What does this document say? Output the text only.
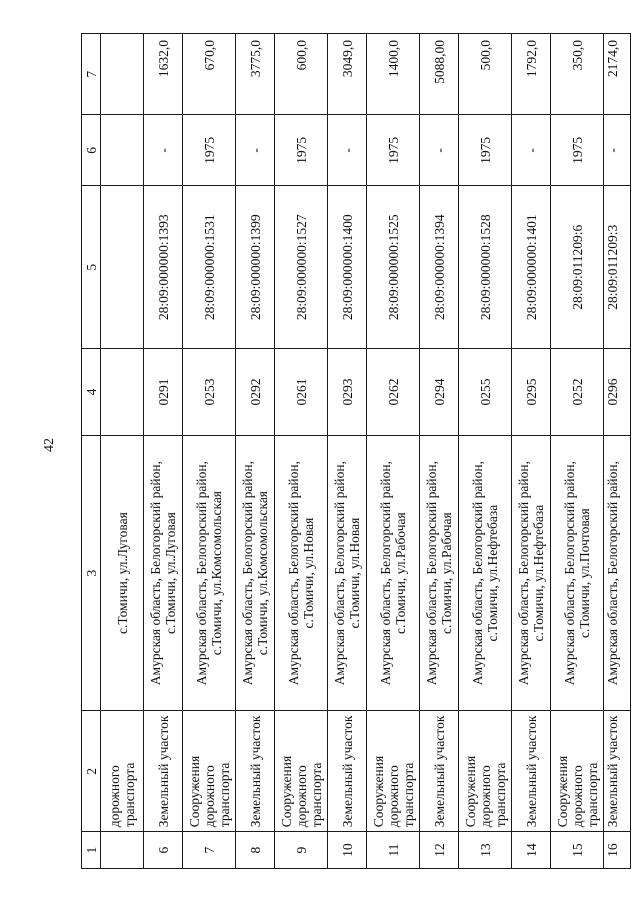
42
1	2	3	4	5	6	7
	дорожного транспорта	с.Томичи, ул.Луговая				
6	Земельный участок	Амурская область, Белогорский район, с.Томичи, ул.Луговая	0291	28:09:000000:1393	-	1632,0
7	Сооружения дорожного транспорта	Амурская область, Белогорский район, с.Томичи, ул.Комсомольская	0253	28:09:000000:1531	1975	670,0
8	Земельный участок	Амурская область, Белогорский район, с.Томичи, ул.Комсомольская	0292	28:09:000000:1399	-	3775,0
9	Сооружения дорожного транспорта	Амурская область, Белогорский район, с.Томичи, ул.Новая	0261	28:09:000000:1527	1975	600,0
10	Земельный участок	Амурская область, Белогорский район, с.Томичи, ул.Новая	0293	28:09:000000:1400	-	3049,0
11	Сооружения дорожного транспорта	Амурская область, Белогорский район, с.Томичи, ул.Рабочая	0262	28:09:000000:1525	1975	1400,0
12	Земельный участок	Амурская область, Белогорский район, с.Томичи, ул.Рабочая	0294	28:09:000000:1394	-	5088,00
13	Сооружения дорожного транспорта	Амурская область, Белогорский район, с.Томичи, ул.Нефтебаза	0255	28:09:000000:1528	1975	500,0
14	Земельный участок	Амурская область, Белогорский район, с.Томичи, ул.Нефтебаза	0295	28:09:000000:1401	-	1792,0
15	Сооружения дорожного транспорта	Амурская область, Белогорский район, с.Томичи, ул.Почтовая	0252	28:09:011209:6	1975	350,0
16	Земельный участок	Амурская область, Белогорский район,	0296	28:09:011209:3	-	2174,0
